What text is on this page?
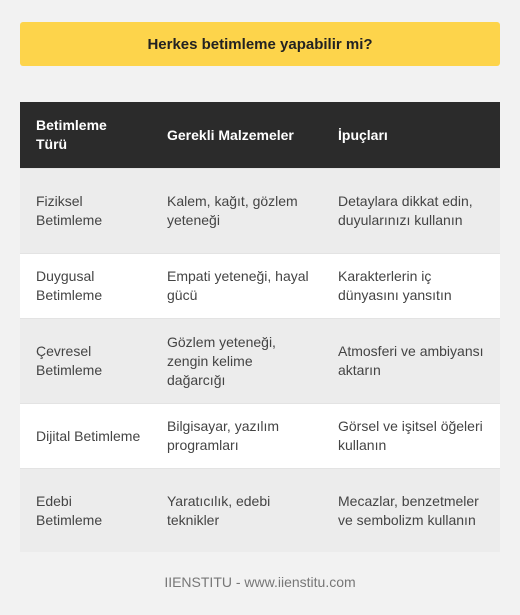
Herkes betimleme yapabilir mi?
Betimleme Türü	Gerekli Malzemeler	İpuçları
Fiziksel Betimleme	Kalem, kağıt, gözlem yeteneği	Detaylara dikkat edin, duyularınızı kullanın
Duygusal Betimleme	Empati yeteneği, hayal gücü	Karakterlerin iç dünyasını yansıtın
Çevresel Betimleme	Gözlem yeteneği, zengin kelime dağarcığı	Atmosferi ve ambiyansı aktarın
Dijital Betimleme	Bilgisayar, yazılım programları	Görsel ve işitsel öğeleri kullanın
Edebi Betimleme	Yaratıcılık, edebi teknikler	Mecazlar, benzetmeler ve sembolizm kullanın
IIENSTITU - www.iienstitu.com
